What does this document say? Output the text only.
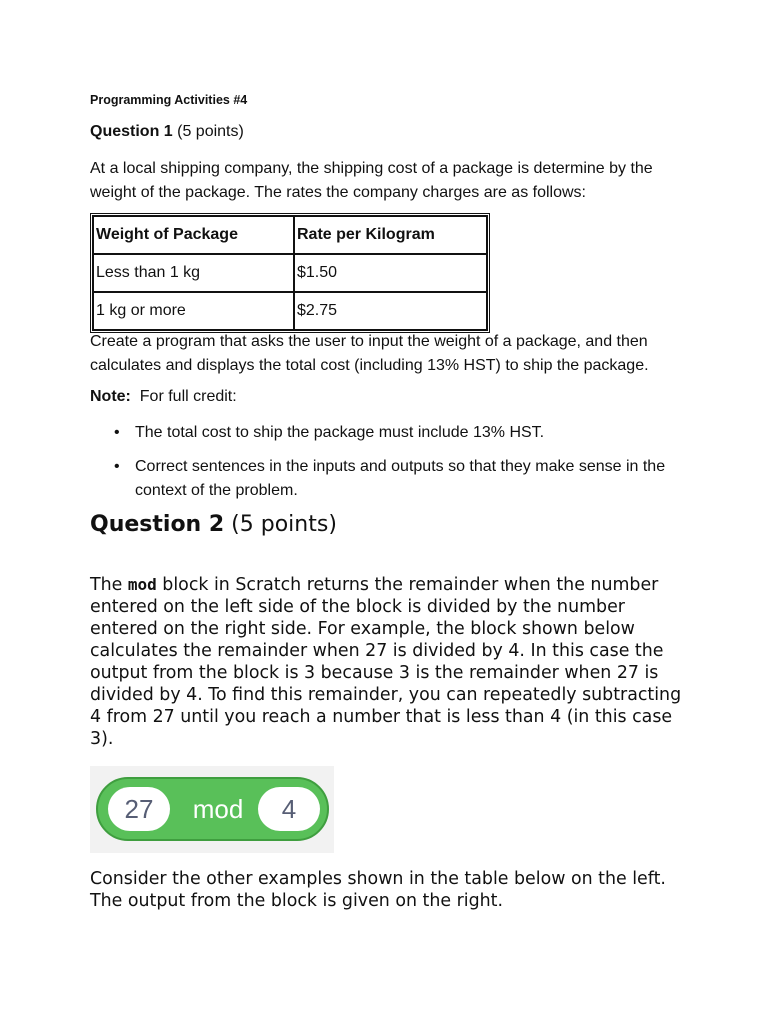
Programming Activities #4
Question 1 (5 points)
At a local shipping company, the shipping cost of a package is determine by the weight of the package. The rates the company charges are as follows:
Weight of Package	Rate per Kilogram
Less than 1 kg	$1.50
1 kg or more	$2.75
Create a program that asks the user to input the weight of a package, and then calculates and displays the total cost (including 13% HST) to ship the package.
Note:  For full credit:
• The total cost to ship the package must include 13% HST.
• Correct sentences in the inputs and outputs so that they make sense in the context of the problem.
Question 2 (5 points)
The mod block in Scratch returns the remainder when the number entered on the left side of the block is divided by the number entered on the right side. For example, the block shown below calculates the remainder when 27 is divided by 4. In this case the output from the block is 3 because 3 is the remainder when 27 is divided by 4. To find this remainder, you can repeatedly subtracting 4 from 27 until you reach a number that is less than 4 (in this case 3).
27	mod	4
Consider the other examples shown in the table below on the left. The output from the block is given on the right.
